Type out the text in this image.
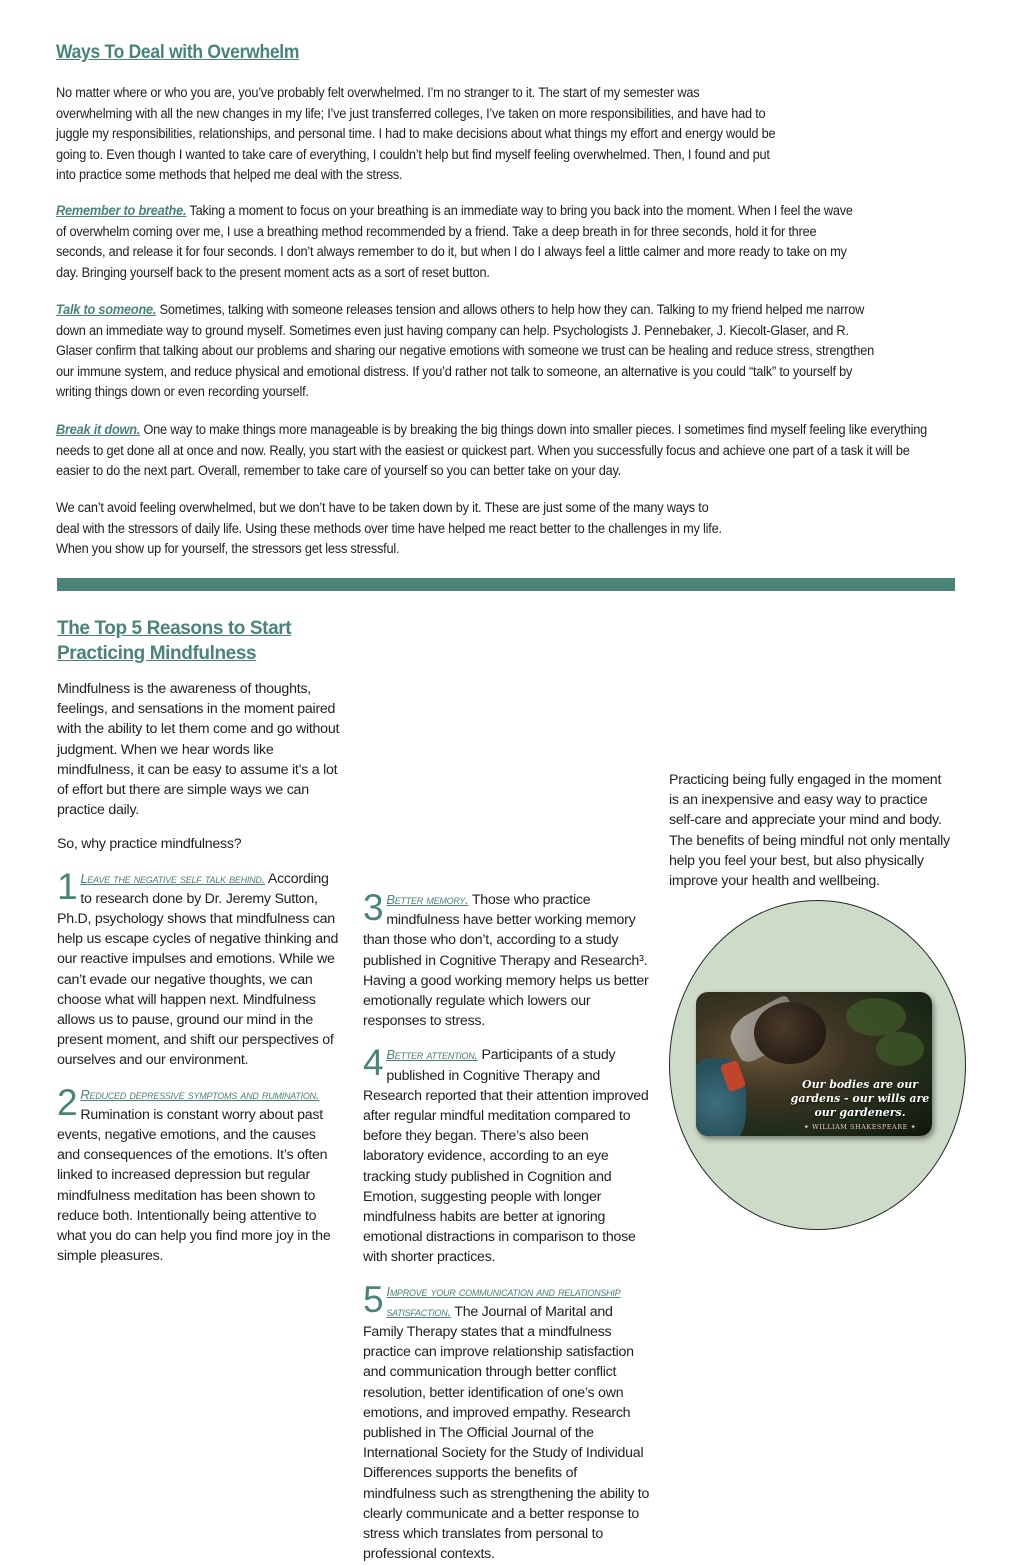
Ways To Deal with Overwhelm

No matter where or who you are, you’ve probably felt overwhelmed. I’m no stranger to it. The start of my semester was overwhelming with all the new changes in my life; I’ve just transferred colleges, I’ve taken on more responsibilities, and have had to juggle my responsibilities, relationships, and personal time. I had to make decisions about what things my effort and energy would be going to. Even though I wanted to take care of everything, I couldn’t help but find myself feeling overwhelmed. Then, I found and put into practice some methods that helped me deal with the stress.

Remember to breathe. Taking a moment to focus on your breathing is an immediate way to bring you back into the moment. When I feel the wave of overwhelm coming over me, I use a breathing method recommended by a friend. Take a deep breath in for three seconds, hold it for three seconds, and release it for four seconds. I don’t always remember to do it, but when I do I always feel a little calmer and more ready to take on my day. Bringing yourself back to the present moment acts as a sort of reset button.

Talk to someone. Sometimes, talking with someone releases tension and allows others to help how they can. Talking to my friend helped me narrow down an immediate way to ground myself. Sometimes even just having company can help. Psychologists J. Pennebaker, J. Kiecolt-Glaser, and R. Glaser confirm that talking about our problems and sharing our negative emotions with someone we trust can be healing and reduce stress, strengthen our immune system, and reduce physical and emotional distress. If you’d rather not talk to someone, an alternative is you could “talk” to yourself by writing things down or even recording yourself.

Break it down. One way to make things more manageable is by breaking the big things down into smaller pieces. I sometimes find myself feeling like everything needs to get done all at once and now. Really, you start with the easiest or quickest part. When you successfully focus and achieve one part of a task it will be easier to do the next part. Overall, remember to take care of yourself so you can better take on your day.

We can’t avoid feeling overwhelmed, but we don’t have to be taken down by it. These are just some of the many ways to deal with the stressors of daily life. Using these methods over time have helped me react better to the challenges in my life. When you show up for yourself, the stressors get less stressful.

The Top 5 Reasons to Start Practicing Mindfulness

Mindfulness is the awareness of thoughts, feelings, and sensations in the moment paired with the ability to let them come and go without judgment. When we hear words like mindfulness, it can be easy to assume it’s a lot of effort but there are simple ways we can practice daily.

So, why practice mindfulness?

1 Leave the negative self talk behind. According to research done by Dr. Jeremy Sutton, Ph.D, psychology shows that mindfulness can help us escape cycles of negative thinking and our reactive impulses and emotions. While we can’t evade our negative thoughts, we can choose what will happen next. Mindfulness allows us to pause, ground our mind in the present moment, and shift our perspectives of ourselves and our environment.

2 Reduced depressive symptoms and rumination. Rumination is constant worry about past events, negative emotions, and the causes and consequences of the emotions. It’s often linked to increased depression but regular mindfulness meditation has been shown to reduce both. Intentionally being attentive to what you do can help you find more joy in the simple pleasures.

3 Better memory. Those who practice mindfulness have better working memory than those who don’t, according to a study published in Cognitive Therapy and Research³. Having a good working memory helps us better emotionally regulate which lowers our responses to stress.

4 Better attention. Participants of a study published in Cognitive Therapy and Research reported that their attention improved after regular mindful meditation compared to before they began. There’s also been laboratory evidence, according to an eye tracking study published in Cognition and Emotion, suggesting people with longer mindfulness habits are better at ignoring emotional distractions in comparison to those with shorter practices.

5 Improve your communication and relationship satisfaction. The Journal of Marital and Family Therapy states that a mindfulness practice can improve relationship satisfaction and communication through better conflict resolution, better identification of one’s own emotions, and improved empathy. Research published in The Official Journal of the International Society for the Study of Individual Differences supports the benefits of mindfulness such as strengthening the ability to clearly communicate and a better response to stress which translates from personal to professional contexts.

Practicing being fully engaged in the moment is an inexpensive and easy way to practice self-care and appreciate your mind and body. The benefits of being mindful not only mentally help you feel your best, but also physically improve your health and wellbeing.

Our bodies are our gardens - our wills are our gardeners.
✦ WILLIAM SHAKESPEARE ✦
